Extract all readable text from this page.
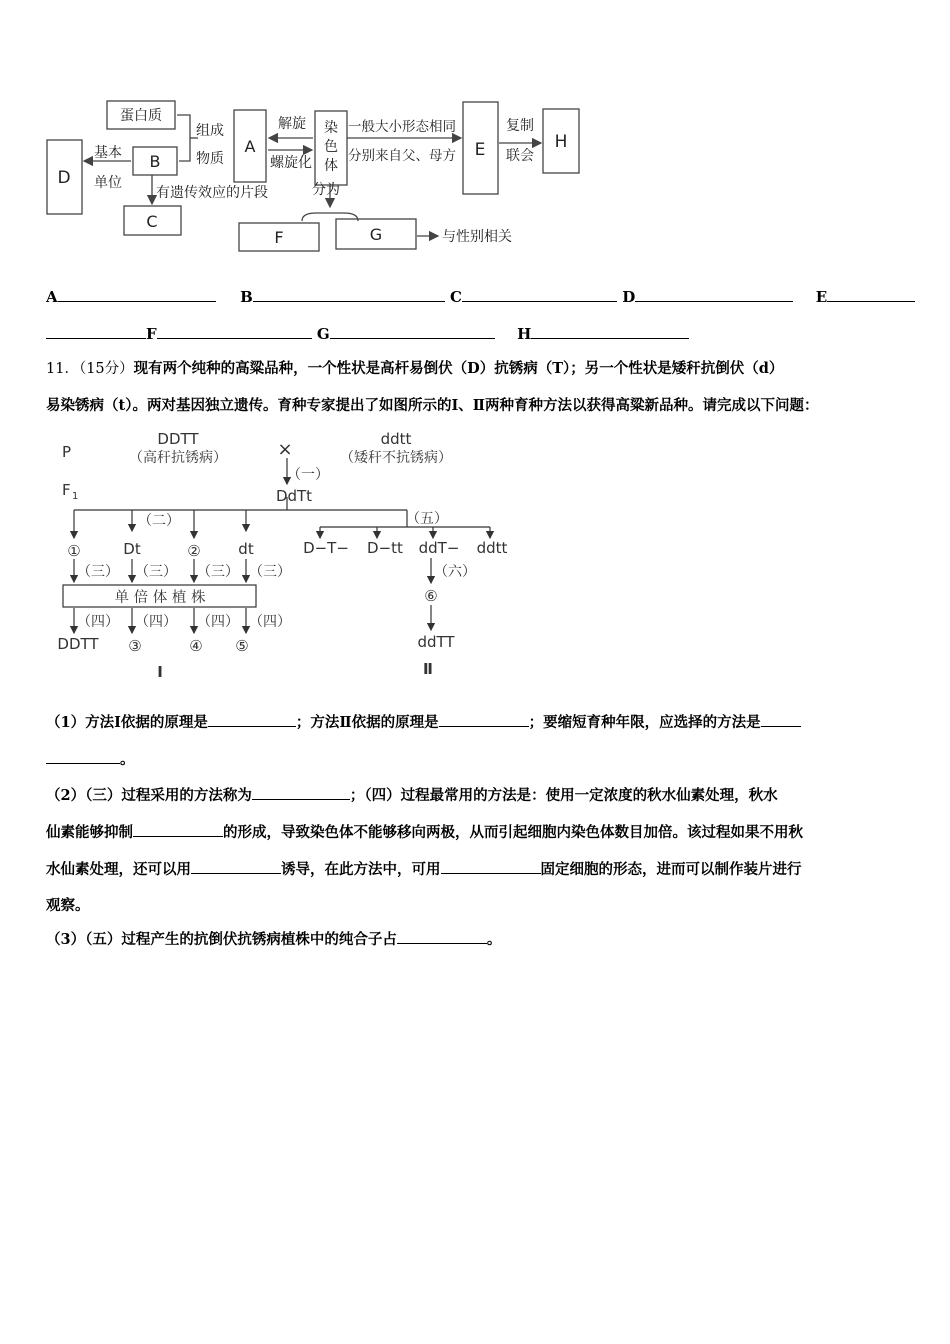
蛋白质
B
D
C
A
染
色
体
E	H
F	G
组成
物质
基本
单位
解旋
螺旋化
一般大小形态相同
分别来自父、母方
复制
联会
分为
有遗传效应的片段
与性别相关
A	B	C	D	E
F	G	H
11．（15分）现有两个纯种的高粱品种，一个性状是高杆易倒伏（D）抗锈病（T）；另一个性状是矮秆抗倒伏（d）
易染锈病（t）。两对基因独立遗传。育种专家提出了如图所示的Ⅰ、Ⅱ两种育种方法以获得高粱新品种。请完成以下问题：
P
F 1
DDTT
（高秆抗锈病）	×	ddtt
（矮秆不抗锈病）
（一）
DdTt
（二）	（五）
①	Dt	②	dt
（三） （三） （三） （三）
单 倍 体 植 株
（四） （四） （四） （四）
DDTT ③	④ ⑤
D−T− D−tt ddT− ddtt
（六）
⑥
ddTT
Ⅰ	Ⅱ
（1）方法Ⅰ依据的原理是	；方法Ⅱ依据的原理是	；要缩短育种年限，应选择的方法是
。
（2）（三）过程采用的方法称为	；（四）过程最常用的方法是：使用一定浓度的秋水仙素处理，秋水
仙素能够抑制	的形成，导致染色体不能够移向两极，从而引起细胞内染色体数目加倍。该过程如果不用秋
水仙素处理，还可以用	诱导，在此方法中，可用	固定细胞的形态，进而可以制作装片进行
观察。
（3）（五）过程产生的抗倒伏抗锈病植株中的纯合子占	。
